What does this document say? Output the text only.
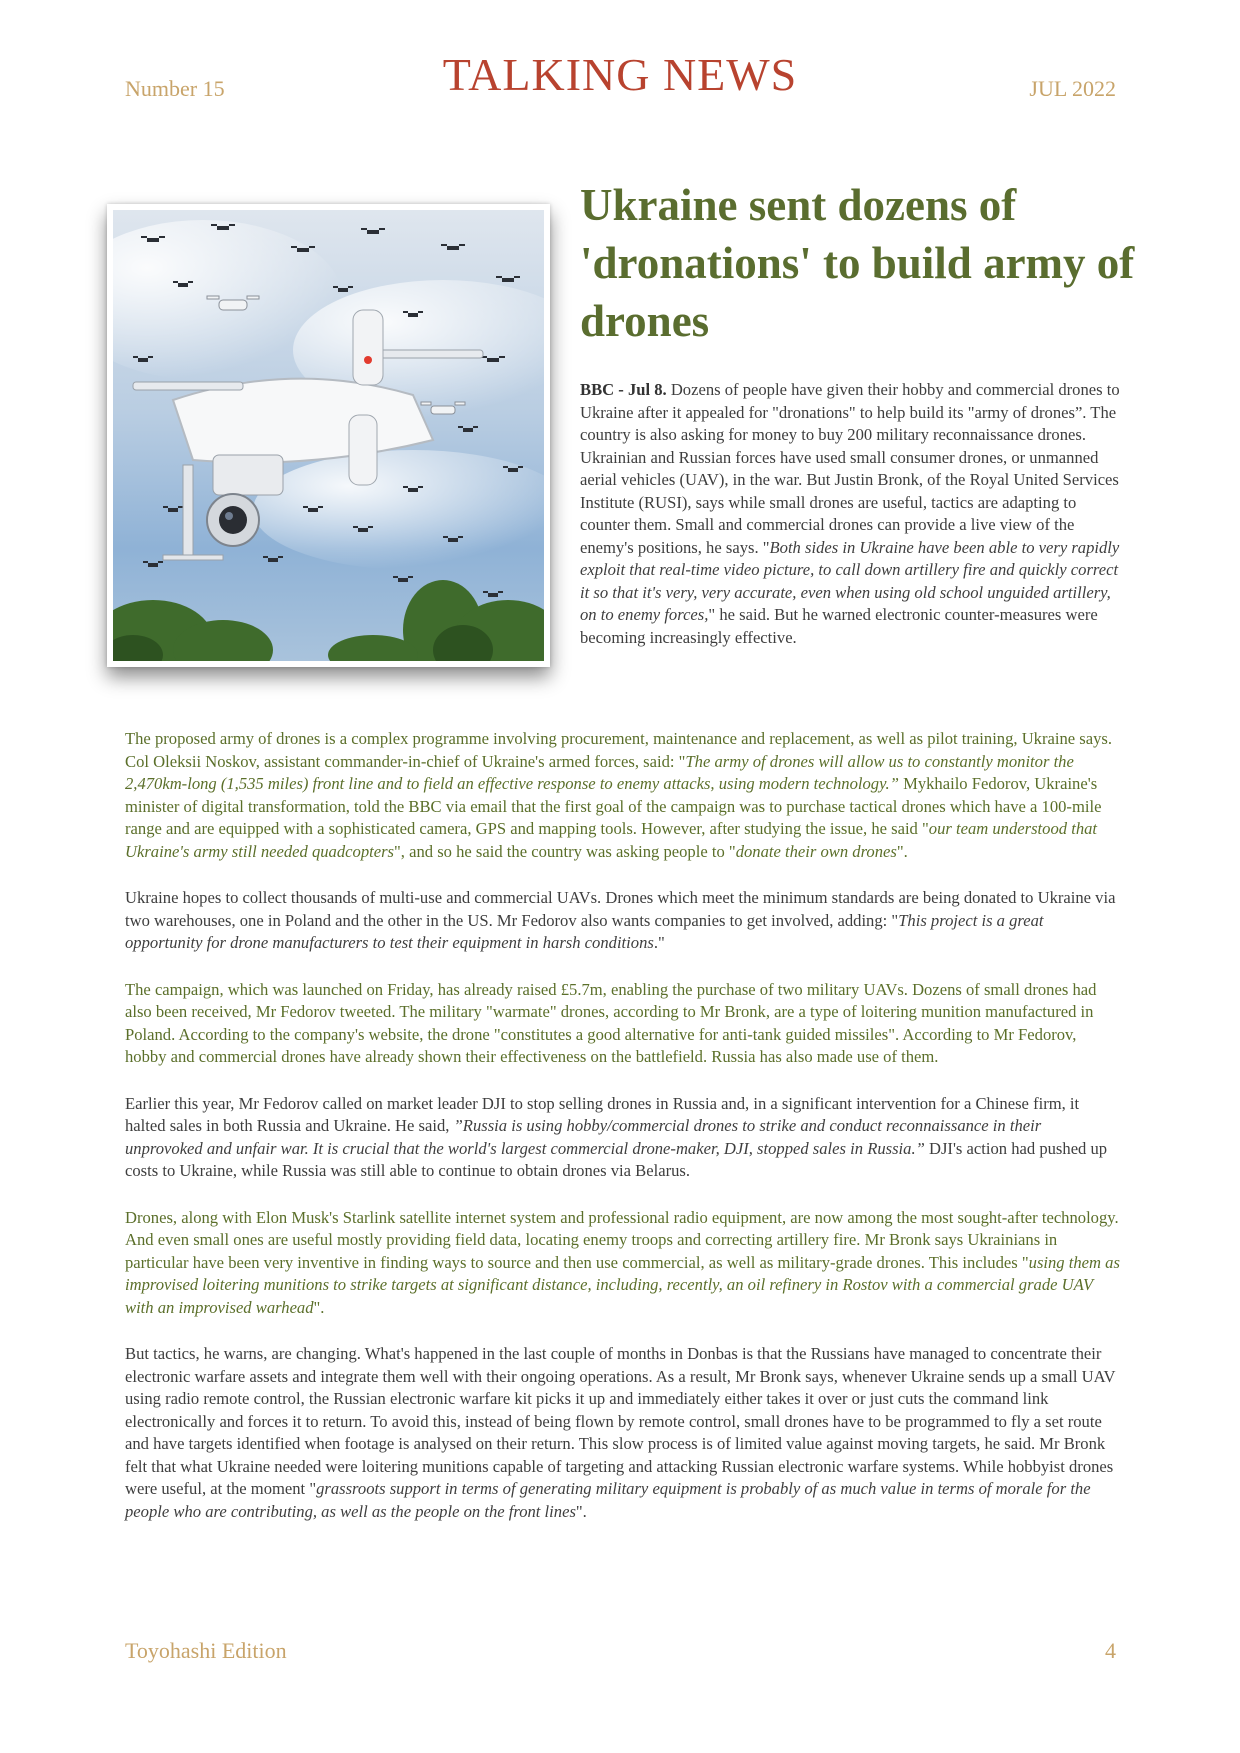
Number 15	TALKING NEWS	JUL 2022
Ukraine sent dozens of 'dronations' to build army of drones

BBC - Jul 8. Dozens of people have given their hobby and commercial drones to Ukraine after it appealed for "dronations" to help build its "army of drones”. The country is also asking for money to buy 200 military reconnaissance drones. Ukrainian and Russian forces have used small consumer drones, or unmanned aerial vehicles (UAV), in the war. But Justin Bronk, of the Royal United Services Institute (RUSI), says while small drones are useful, tactics are adapting to counter them. Small and commercial drones can provide a live view of the enemy's positions, he says. "Both sides in Ukraine have been able to very rapidly exploit that real-time video picture, to call down artillery fire and quickly correct it so that it's very, very accurate, even when using old school unguided artillery, on to enemy forces," he said. But he warned electronic counter-measures were becoming increasingly effective.

The proposed army of drones is a complex programme involving procurement, maintenance and replacement, as well as pilot training, Ukraine says. Col Oleksii Noskov, assistant commander-in-chief of Ukraine's armed forces, said: "The army of drones will allow us to constantly monitor the 2,470km-long (1,535 miles) front line and to field an effective response to enemy attacks, using modern technology.” Mykhailo Fedorov, Ukraine's minister of digital transformation, told the BBC via email that the first goal of the campaign was to purchase tactical drones which have a 100-mile range and are equipped with a sophisticated camera, GPS and mapping tools. However, after studying the issue, he said "our team understood that Ukraine's army still needed quadcopters", and so he said the country was asking people to "donate their own drones".

Ukraine hopes to collect thousands of multi-use and commercial UAVs. Drones which meet the minimum standards are being donated to Ukraine via two warehouses, one in Poland and the other in the US. Mr Fedorov also wants companies to get involved, adding: "This project is a great opportunity for drone manufacturers to test their equipment in harsh conditions."

The campaign, which was launched on Friday, has already raised £5.7m, enabling the purchase of two military UAVs. Dozens of small drones had also been received, Mr Fedorov tweeted. The military "warmate" drones, according to Mr Bronk, are a type of loitering munition manufactured in Poland. According to the company's website, the drone "constitutes a good alternative for anti-tank guided missiles". According to Mr Fedorov, hobby and commercial drones have already shown their effectiveness on the battlefield. Russia has also made use of them.

Earlier this year, Mr Fedorov called on market leader DJI to stop selling drones in Russia and, in a significant intervention for a Chinese firm, it halted sales in both Russia and Ukraine. He said, ”Russia is using hobby/commercial drones to strike and conduct reconnaissance in their unprovoked and unfair war. It is crucial that the world's largest commercial drone-maker, DJI, stopped sales in Russia.” DJI's action had pushed up costs to Ukraine, while Russia was still able to continue to obtain drones via Belarus.

Drones, along with Elon Musk's Starlink satellite internet system and professional radio equipment, are now among the most sought-after technology. And even small ones are useful mostly providing field data, locating enemy troops and correcting artillery fire. Mr Bronk says Ukrainians in particular have been very inventive in finding ways to source and then use commercial, as well as military-grade drones. This includes "using them as improvised loitering munitions to strike targets at significant distance, including, recently, an oil refinery in Rostov with a commercial grade UAV with an improvised warhead".

But tactics, he warns, are changing. What's happened in the last couple of months in Donbas is that the Russians have managed to concentrate their electronic warfare assets and integrate them well with their ongoing operations. As a result, Mr Bronk says, whenever Ukraine sends up a small UAV using radio remote control, the Russian electronic warfare kit picks it up and immediately either takes it over or just cuts the command link electronically and forces it to return. To avoid this, instead of being flown by remote control, small drones have to be programmed to fly a set route and have targets identified when footage is analysed on their return. This slow process is of limited value against moving targets, he said. Mr Bronk felt that what Ukraine needed were loitering munitions capable of targeting and attacking Russian electronic warfare systems. While hobbyist drones were useful, at the moment "grassroots support in terms of generating military equipment is probably of as much value in terms of morale for the people who are contributing, as well as the people on the front lines".

Toyohashi Edition	4
